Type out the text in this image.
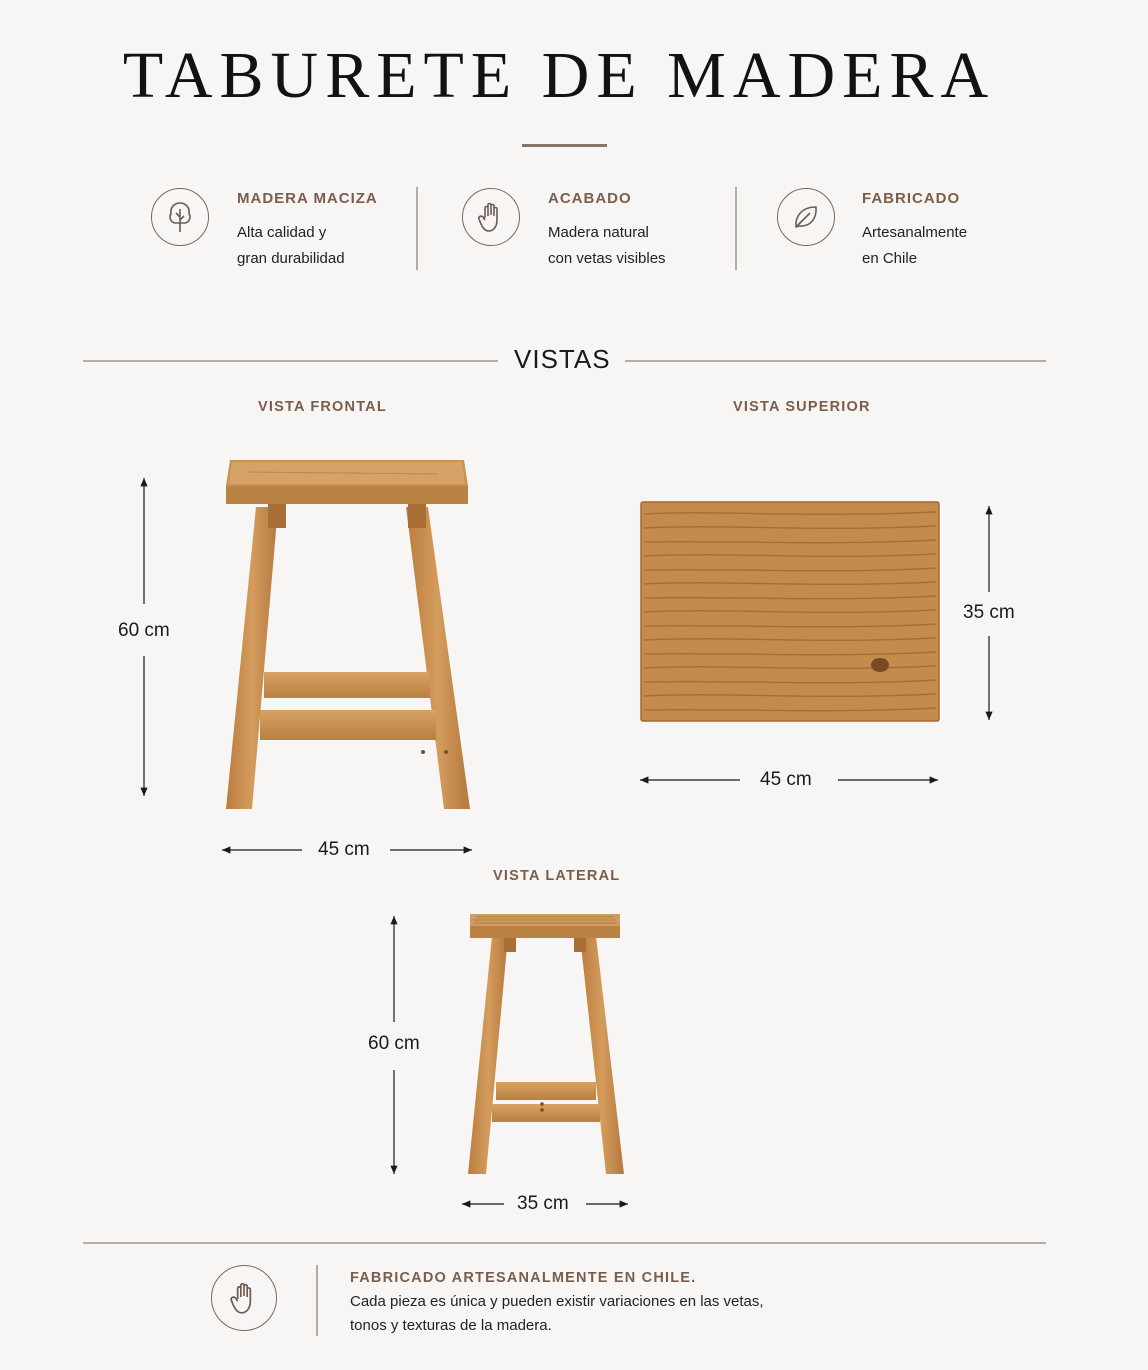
TABURETE DE MADERA
MADERA MACIZA
Alta calidad y
gran durabilidad
ACABADO
Madera natural
con vetas visibles
FABRICADO
Artesanalmente
en Chile
VISTAS
VISTA FRONTAL	VISTA SUPERIOR
60 cm
45 cm
35 cm
45 cm
VISTA LATERAL
60 cm
35 cm
FABRICADO ARTESANALMENTE EN CHILE.
Cada pieza es única y pueden existir variaciones en las vetas,
tonos y texturas de la madera.
